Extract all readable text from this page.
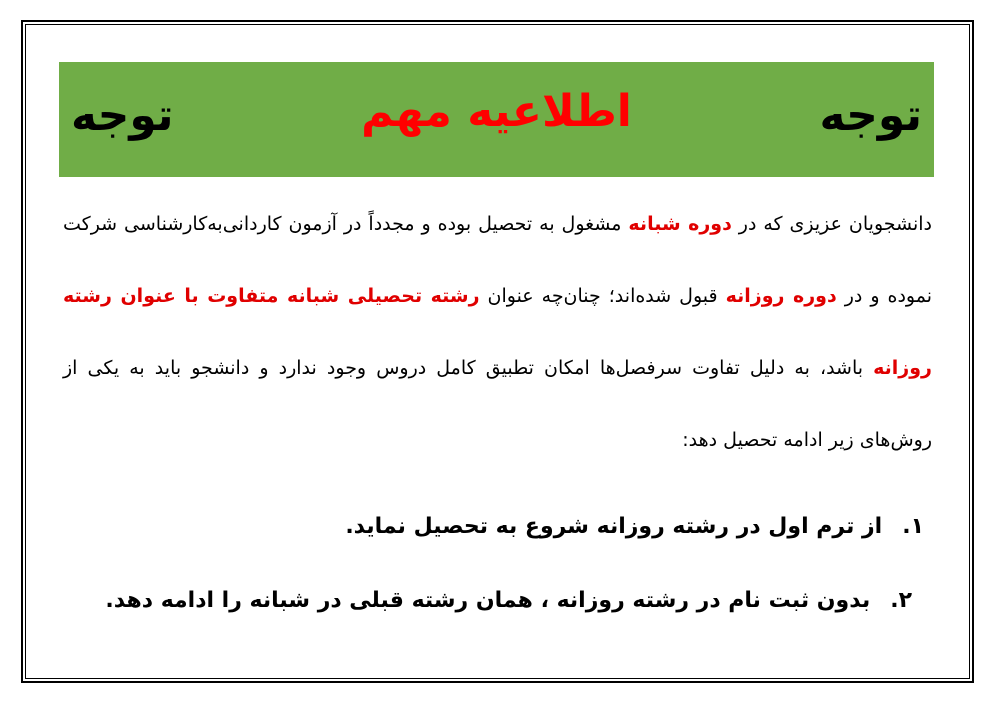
توجه	اطلاعیه مهم	توجه
دانشجویان عزیزی که در دوره شبانه مشغول به تحصیل بوده و مجدداً در آزمون کاردانی‌به‌کارشناسی شرکت نموده و در دوره روزانه قبول شده‌اند؛ چنان‌چه عنوان رشته تحصیلی شبانه متفاوت با عنوان رشته روزانه باشد، به دلیل تفاوت سرفصل‌ها امکان تطبیق کامل دروس وجود ندارد و دانشجو باید به یکی از روش‌های زیر ادامه تحصیل دهد:
۱.از ترم اول در رشته روزانه شروع به تحصیل نماید.
۲.بدون ثبت نام در رشته روزانه ، همان رشته قبلی در شبانه را ادامه دهد.
